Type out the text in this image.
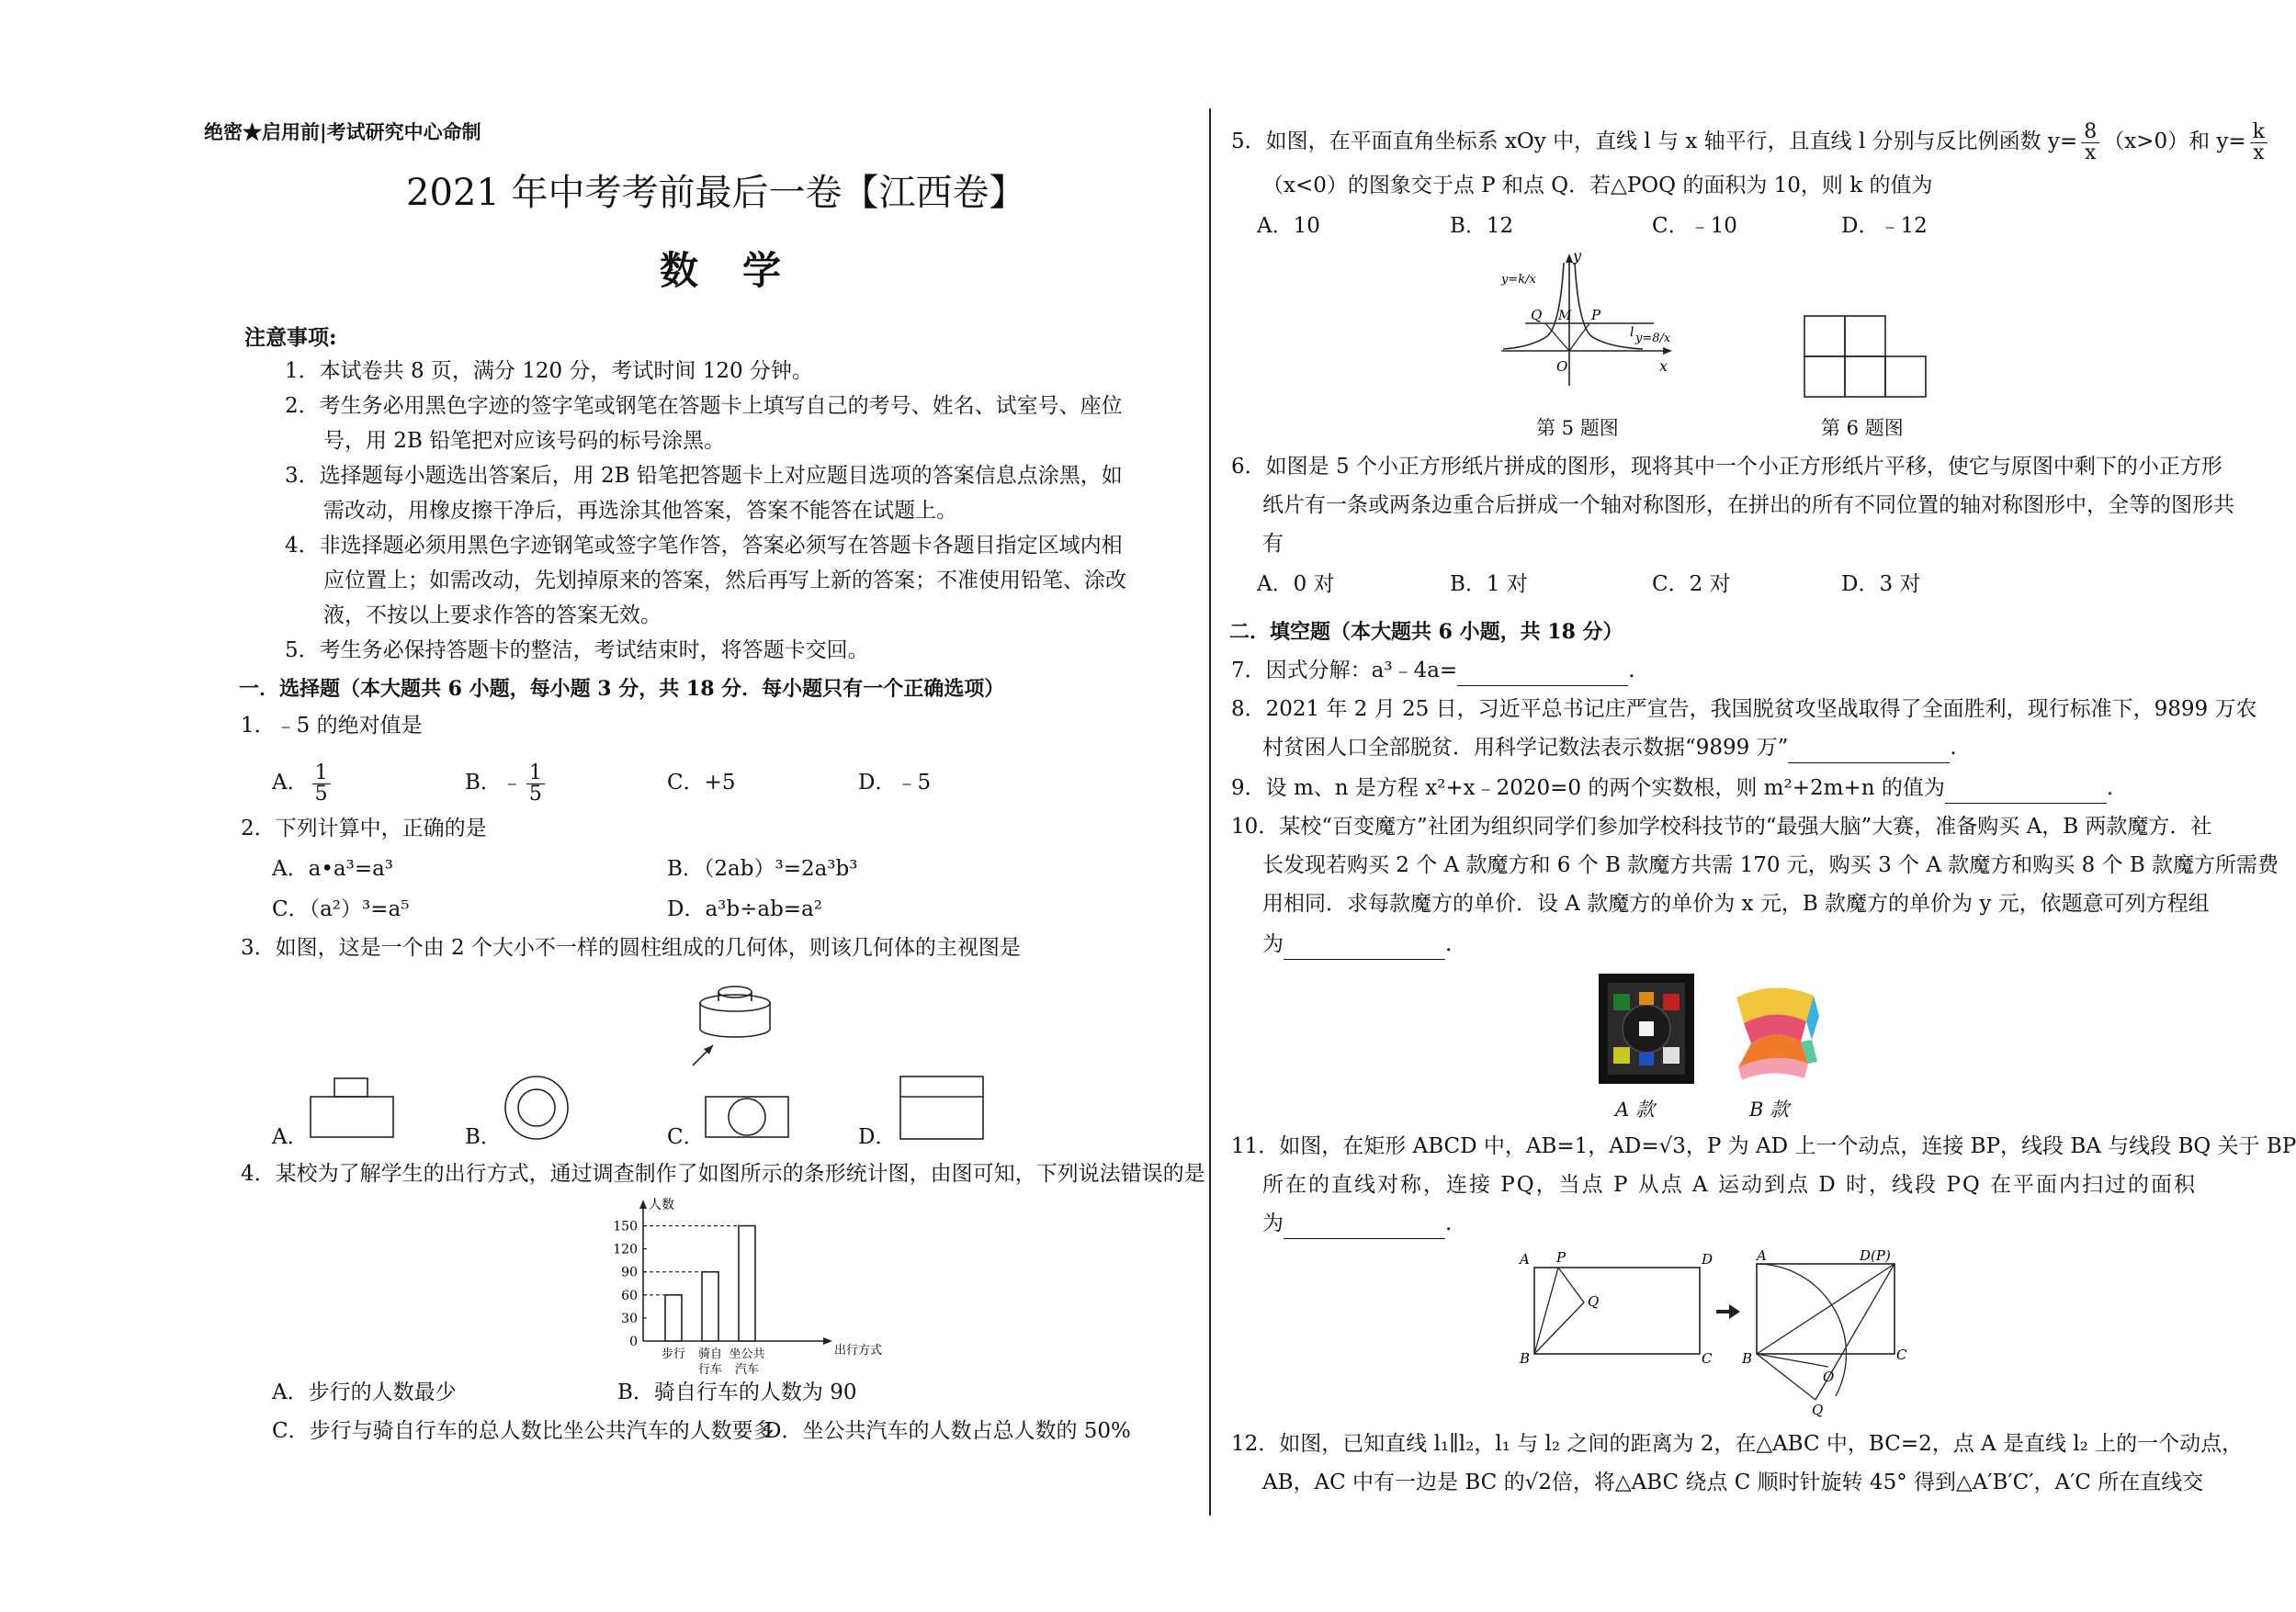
绝密★启用前|考试研究中心命制
2021 年中考考前最后一卷【江西卷】
数学
注意事项:
1．本试卷共 8 页，满分 120 分，考试时间 120 分钟。
2．考生务必用黑色字迹的签字笔或钢笔在答题卡上填写自己的考号、姓名、试室号、座位
号，用 2B 铅笔把对应该号码的标号涂黑。
3．选择题每小题选出答案后，用 2B 铅笔把答题卡上对应题目选项的答案信息点涂黑，如
需改动，用橡皮擦干净后，再选涂其他答案，答案不能答在试题上。
4．非选择题必须用黑色字迹钢笔或签字笔作答，答案必须写在答题卡各题目指定区域内相
应位置上；如需改动，先划掉原来的答案，然后再写上新的答案；不准使用铅笔、涂改
液，不按以上要求作答的答案无效。
5．考生务必保持答题卡的整洁，考试结束时，将答题卡交回。
一．选择题（本大题共 6 小题，每小题 3 分，共 18 分．每小题只有一个正确选项）
1．﹣5 的绝对值是
A． $\frac{1}{5}$	B．﹣ $\frac{1}{5}$	C．+5	D．﹣5
2．下列计算中，正确的是
A．a•a³=a³	B．（2ab）³=2a³b³
C．（a²）³=a⁵	D．a³b÷ab=a²
3．如图，这是一个由 2 个大小不一样的圆柱组成的几何体，则该几何体的主视图是
A．	B．	C．	D．
4．某校为了解学生的出行方式，通过调查制作了如图所示的条形统计图，由图可知，下列说法错误的是
人数
出行方式
0
30
60
90
120
150
步行 骑自
行车
坐公共
汽车
A．步行的人数最少	B．骑自行车的人数为 90
C．步行与骑自行车的总人数比坐公共汽车的人数要多
D．坐公共汽车的人数占总人数的 50%
5．如图，在平面直角坐标系 xOy 中，直线 l 与 x 轴平行，且直线 l 分别与反比例函数 $y= \frac{8}{x} (x>0)$和 $y= \frac{k}{x}$
（x<0）的图象交于点 P 和点 Q．若△POQ 的面积为 10，则 k 的值为
A．10	B．12	C．﹣10	D．﹣12
y
x
O
Q M P
l
y=k/x
y=8/x
第 5 题图	第 6 题图
6．如图是 5 个小正方形纸片拼成的图形，现将其中一个小正方形纸片平移，使它与原图中剩下的小正方形
纸片有一条或两条边重合后拼成一个轴对称图形，在拼出的所有不同位置的轴对称图形中，全等的图形共
有
A．0 对	B．1 对	C．2 对	D．3 对
二．填空题（本大题共 6 小题，共 18 分）
7．因式分解：a³﹣4a=	.
8．2021 年 2 月 25 日，习近平总书记庄严宣告，我国脱贫攻坚战取得了全面胜利，现行标准下，9899 万农
村贫困人口全部脱贫．用科学记数法表示数据“9899 万”	.
9．设 m、n 是方程 x²+x﹣2020=0 的两个实数根，则 m²+2m+n 的值为	.
10．某校“百变魔方”社团为组织同学们参加学校科技节的“最强大脑”大赛，准备购买 A，B 两款魔方．社
长发现若购买 2 个 A 款魔方和 6 个 B 款魔方共需 170 元，购买 3 个 A 款魔方和购买 8 个 B 款魔方所需费
用相同．求每款魔方的单价．设 A 款魔方的单价为 x 元，B 款魔方的单价为 y 元，依题意可列方程组
为	.
A 款	B 款
11．如图，在矩形 ABCD 中，AB=1，AD=√3，P 为 AD 上一个动点，连接 BP，线段 BA 与线段 BQ 关于 BP
所在的直线对称，连接 PQ，当点 P 从点 A 运动到点 D 时，线段 PQ 在平面内扫过的面积
为	.
A P	D
Q
B	C
A	D(P)
B	C
O
Q
12．如图，已知直线 l₁∥l₂，l₁ 与 l₂ 之间的距离为 2，在△ABC 中，BC=2，点 A 是直线 l₂ 上的一个动点，
AB，AC 中有一边是 BC 的√2倍，将△ABC 绕点 C 顺时针旋转 45° 得到△A′B′C′，A′C 所在直线交
